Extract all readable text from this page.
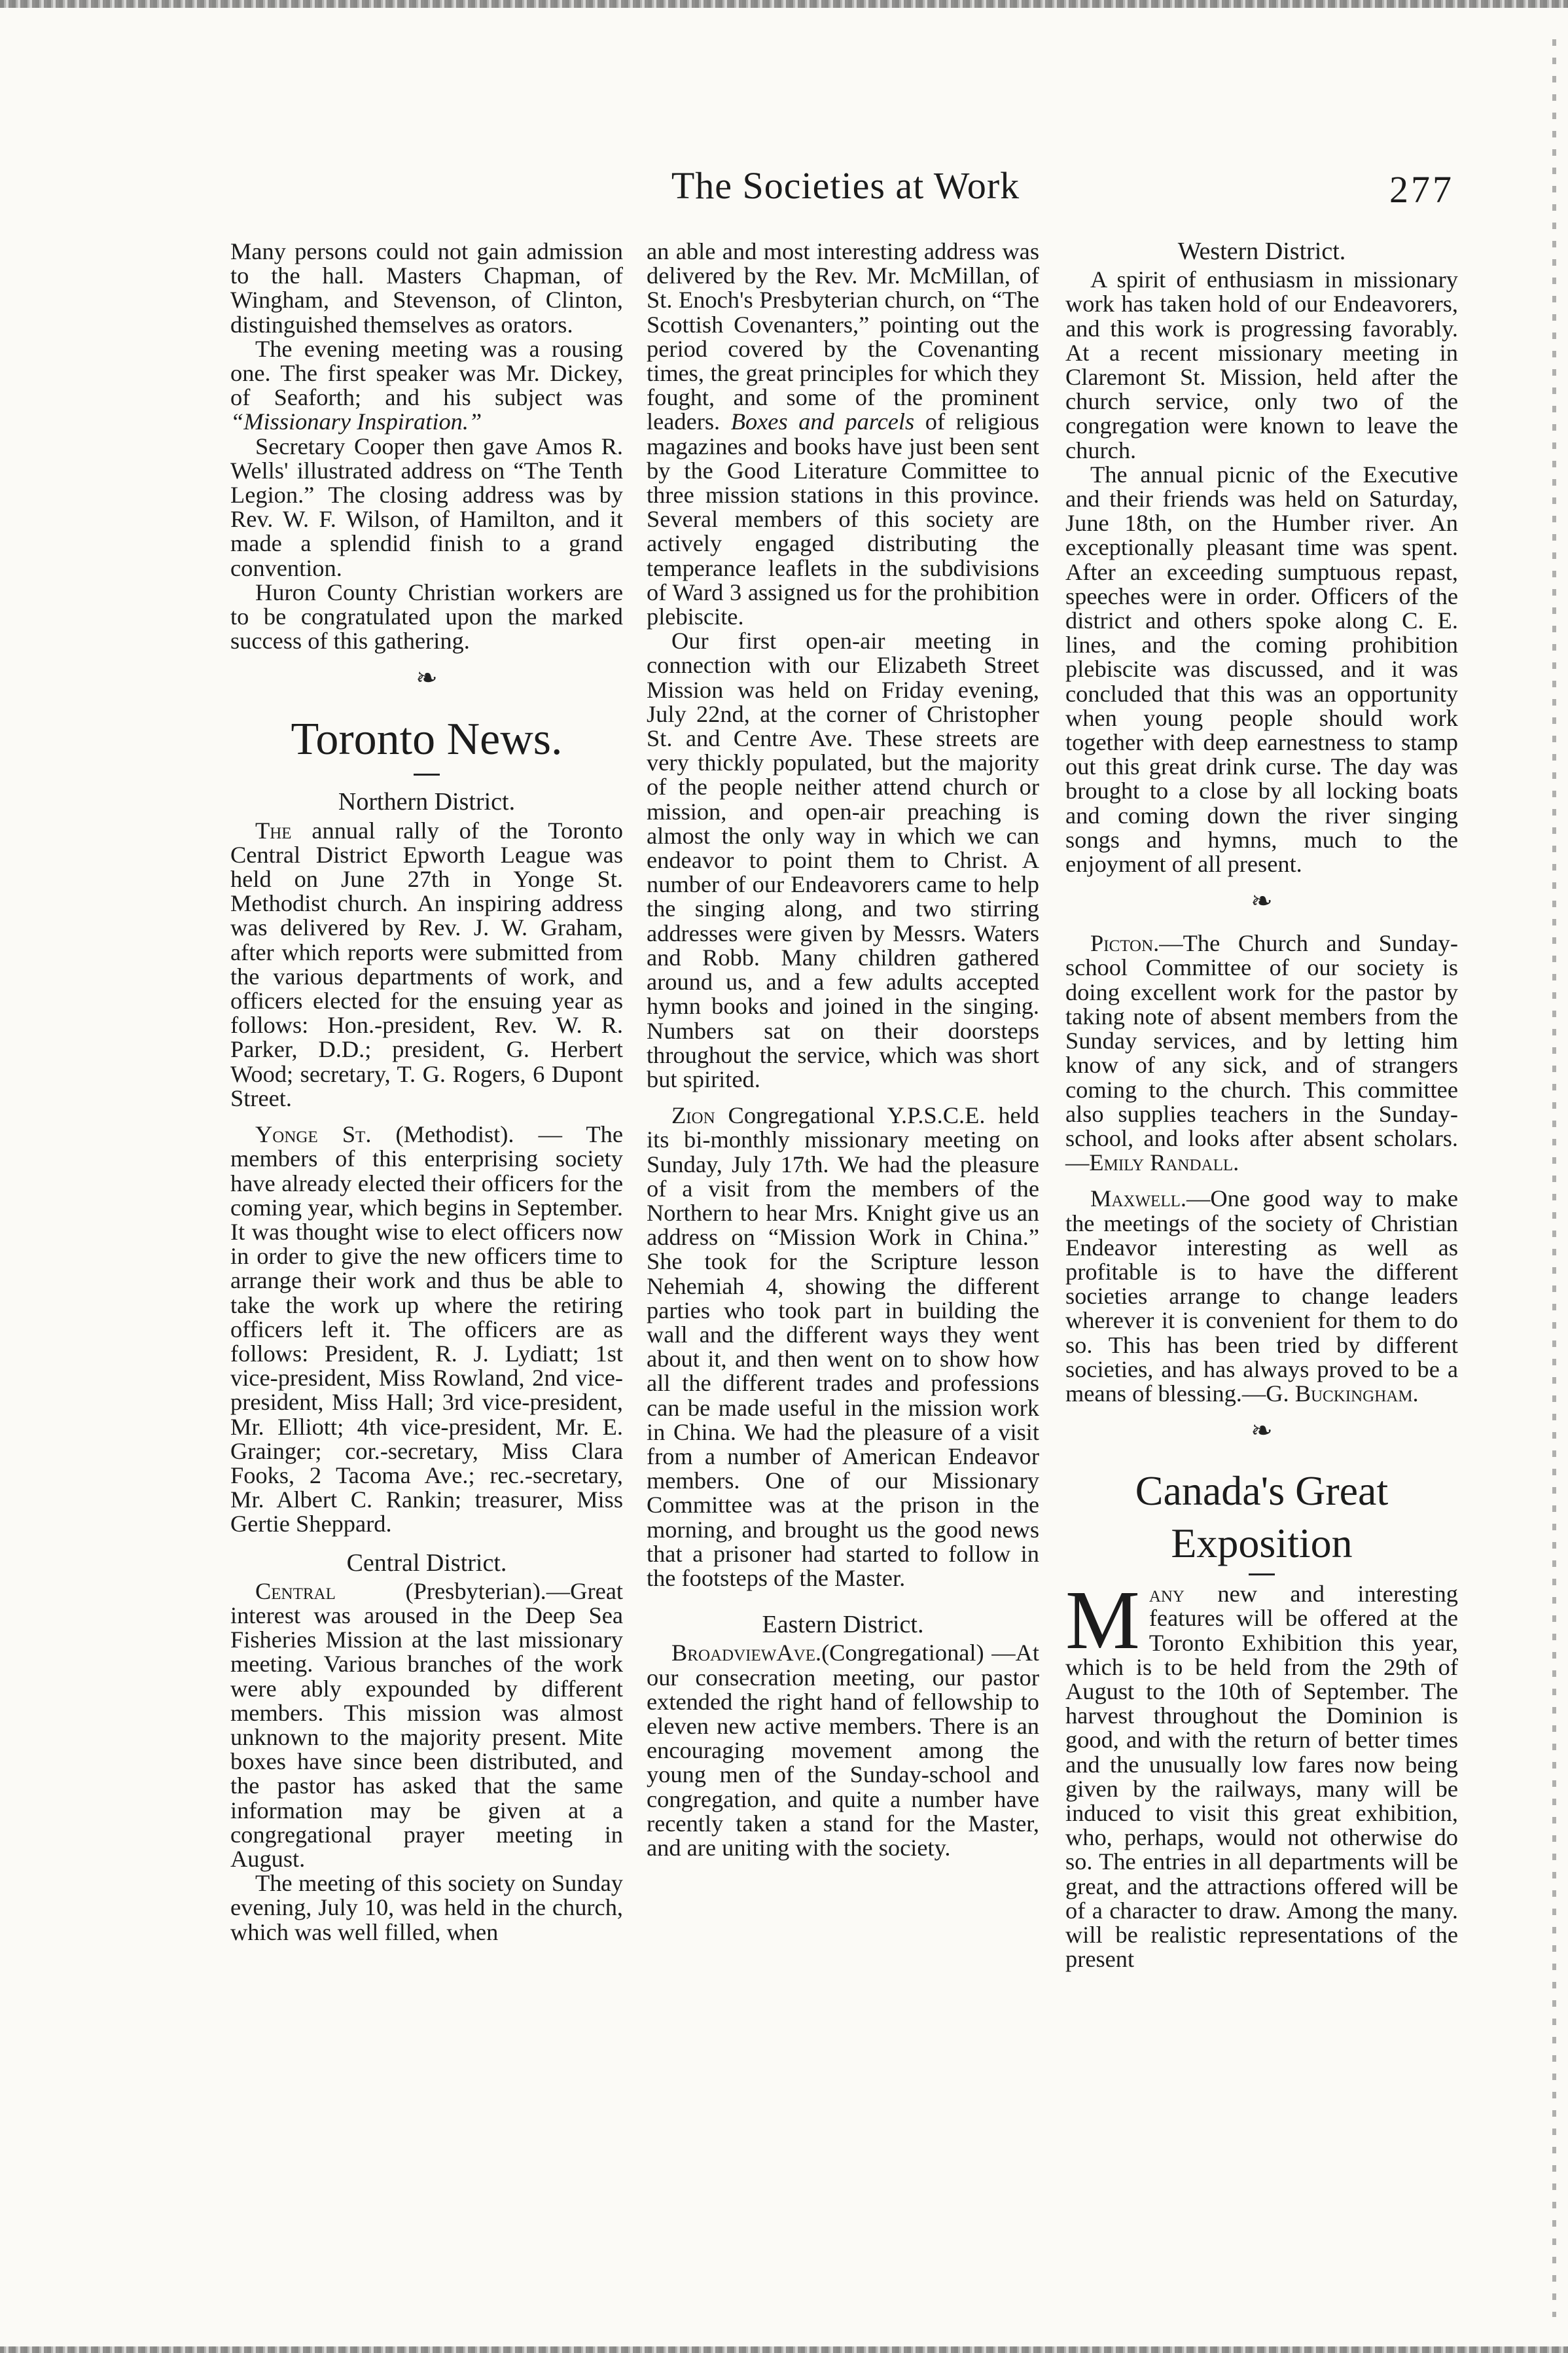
The Societies at Work	277

Many persons could not gain admission to the hall. Masters Chapman, of Wingham, and Stevenson, of Clinton, distinguished themselves as orators.

The evening meeting was a rousing one. The first speaker was Mr. Dickey, of Seaforth; and his subject was “Missionary Inspiration.”

Secretary Cooper then gave Amos R. Wells' illustrated address on “The Tenth Legion.” The closing address was by Rev. W. F. Wilson, of Hamilton, and it made a splendid finish to a grand convention.

Huron County Christian workers are to be congratulated upon the marked success of this gathering.

❧
Toronto News.
Northern District.

The annual rally of the Toronto Central District Epworth League was held on June 27th in Yonge St. Methodist church. An inspiring address was delivered by Rev. J. W. Graham, after which reports were submitted from the various departments of work, and officers elected for the ensuing year as follows: Hon.-president, Rev. W. R. Parker, D.D.; president, G. Herbert Wood; secretary, T. G. Rogers, 6 Dupont Street.

Yonge St. (Methodist). — The members of this enterprising society have already elected their officers for the coming year, which begins in September. It was thought wise to elect officers now in order to give the new officers time to arrange their work and thus be able to take the work up where the retiring officers left it. The officers are as follows: President, R. J. Lydiatt; 1st vice-president, Miss Rowland, 2nd vice-president, Miss Hall; 3rd vice-president, Mr. Elliott; 4th vice-president, Mr. E. Grainger; cor.-secretary, Miss Clara Fooks, 2 Tacoma Ave.; rec.-secretary, Mr. Albert C. Rankin; treasurer, Miss Gertie Sheppard.

Central District.

Central (Presbyterian).—Great interest was aroused in the Deep Sea Fisheries Mission at the last missionary meeting. Various branches of the work were ably expounded by different members. This mission was almost unknown to the majority present. Mite boxes have since been distributed, and the pastor has asked that the same information may be given at a congregational prayer meeting in August.

The meeting of this society on Sunday evening, July 10, was held in the church, which was well filled, when

an able and most interesting address was delivered by the Rev. Mr. McMillan, of St. Enoch's Presbyterian church, on “The Scottish Covenanters,” pointing out the period covered by the Covenanting times, the great principles for which they fought, and some of the prominent leaders. Boxes and parcels of religious magazines and books have just been sent by the Good Literature Committee to three mission stations in this province. Several members of this society are actively engaged distributing the temperance leaflets in the subdivisions of Ward 3 assigned us for the prohibition plebiscite.

Our first open-air meeting in connection with our Elizabeth Street Mission was held on Friday evening, July 22nd, at the corner of Christopher St. and Centre Ave. These streets are very thickly populated, but the majority of the people neither attend church or mission, and open-air preaching is almost the only way in which we can endeavor to point them to Christ. A number of our Endeavorers came to help the singing along, and two stirring addresses were given by Messrs. Waters and Robb. Many children gathered around us, and a few adults accepted hymn books and joined in the singing. Numbers sat on their doorsteps throughout the service, which was short but spirited.

Zion Congregational Y.P.S.C.E. held its bi-monthly missionary meeting on Sunday, July 17th. We had the pleasure of a visit from the members of the Northern to hear Mrs. Knight give us an address on “Mission Work in China.” She took for the Scripture lesson Nehemiah 4, showing the different parties who took part in building the wall and the different ways they went about it, and then went on to show how all the different trades and professions can be made useful in the mission work in China. We had the pleasure of a visit from a number of American Endeavor members. One of our Missionary Committee was at the prison in the morning, and brought us the good news that a prisoner had started to follow in the footsteps of the Master.

Eastern District.

BroadviewAve.(Congregational) —At our consecration meeting, our pastor extended the right hand of fellowship to eleven new active members. There is an encouraging movement among the young men of the Sunday-school and congregation, and quite a number have recently taken a stand for the Master, and are uniting with the society.

Western District.

A spirit of enthusiasm in missionary work has taken hold of our Endeavorers, and this work is progressing favorably. At a recent missionary meeting in Claremont St. Mission, held after the church service, only two of the congregation were known to leave the church.

The annual picnic of the Executive and their friends was held on Saturday, June 18th, on the Humber river. An exceptionally pleasant time was spent. After an exceeding sumptuous repast, speeches were in order. Officers of the district and others spoke along C. E. lines, and the coming prohibition plebiscite was discussed, and it was concluded that this was an opportunity when young people should work together with deep earnestness to stamp out this great drink curse. The day was brought to a close by all locking boats and coming down the river singing songs and hymns, much to the enjoyment of all present.

❧

Picton.—The Church and Sunday-school Committee of our society is doing excellent work for the pastor by taking note of absent members from the Sunday services, and by letting him know of any sick, and of strangers coming to the church. This committee also supplies teachers in the Sunday-school, and looks after absent scholars.—Emily Randall.

Maxwell.—One good way to make the meetings of the society of Christian Endeavor interesting as well as profitable is to have the different societies arrange to change leaders wherever it is convenient for them to do so. This has been tried by different societies, and has always proved to be a means of blessing.—G. Buckingham.

❧
Canada's Great Exposition

Many new and interesting features will be offered at the Toronto Exhibition this year, which is to be held from the 29th of August to the 10th of September. The harvest throughout the Dominion is good, and with the return of better times and the unusually low fares now being given by the railways, many will be induced to visit this great exhibition, who, perhaps, would not otherwise do so. The entries in all departments will be great, and the attractions offered will be of a character to draw. Among the many. will be realistic representations of the present
